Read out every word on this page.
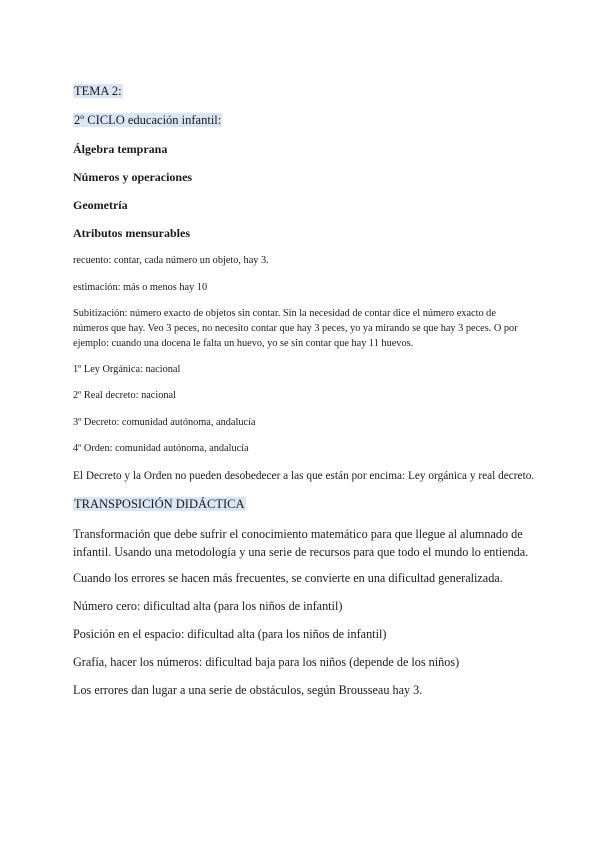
TEMA 2:

2º CICLO educación infantil:

Álgebra temprana

Números y operaciones

Geometría

Atributos mensurables

recuento: contar, cada número un objeto, hay 3.

estimación: más o menos hay 10

Subitización: número exacto de objetos sin contar. Sin la necesidad de contar dice el número exacto de números que hay. Veo 3 peces, no necesito contar que hay 3 peces, yo ya mirando se que hay 3 peces. O por ejemplo: cuando una docena le falta un huevo, yo se sin contar que hay 11 huevos.

1º Ley Orgánica: nacional

2º Real decreto: nacional

3º Decreto: comunidad autónoma, andalucía

4º Orden: comunidad autónoma, andalucía

El Decreto y la Orden no pueden desobedecer a las que están por encima: Ley orgánica y real decreto.

TRANSPOSICIÓN DIDÁCTICA

Transformación que debe sufrir el conocimiento matemático para que llegue al alumnado de infantil. Usando una metodología y una serie de recursos para que todo el mundo lo entienda.

Cuando los errores se hacen más frecuentes, se convierte en una dificultad generalizada.

Número cero: dificultad alta (para los niños de infantil)

Posición en el espacio: dificultad alta (para los niños de infantil)

Grafía, hacer los números: dificultad baja para los niños (depende de los niños)

Los errores dan lugar a una serie de obstáculos, según Brousseau hay 3.
